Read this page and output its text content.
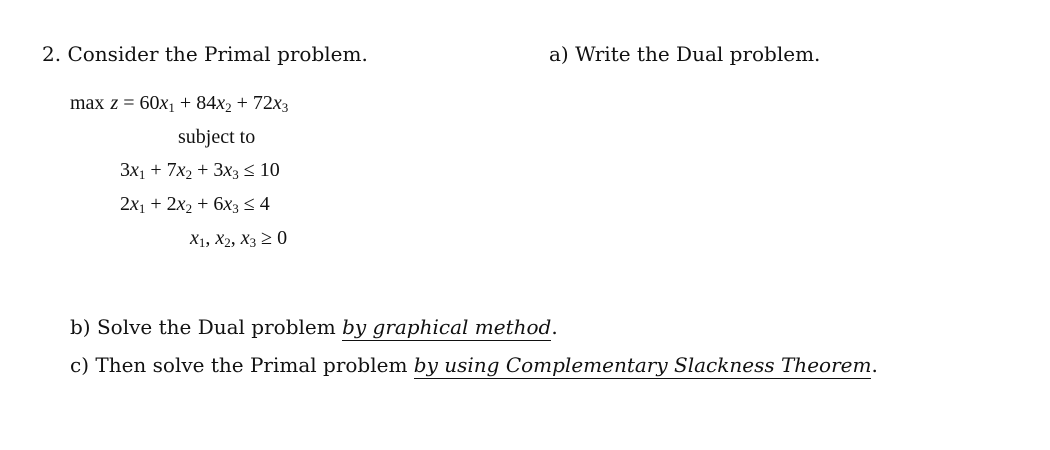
2. Consider the Primal problem.	a) Write the Dual problem.
$\max z = 60x_1 + 84x_2 + 72x_3$
subject to
$3x_1 + 7x_2 + 3x_3 \le 10$
$2x_1 + 2x_2 + 6x_3 \le 4$
$x_1$, $x_2$, $x_3 \ge 0$
b) Solve the Dual problem by graphical method.
c) Then solve the Primal problem by using Complementary Slackness Theorem.
